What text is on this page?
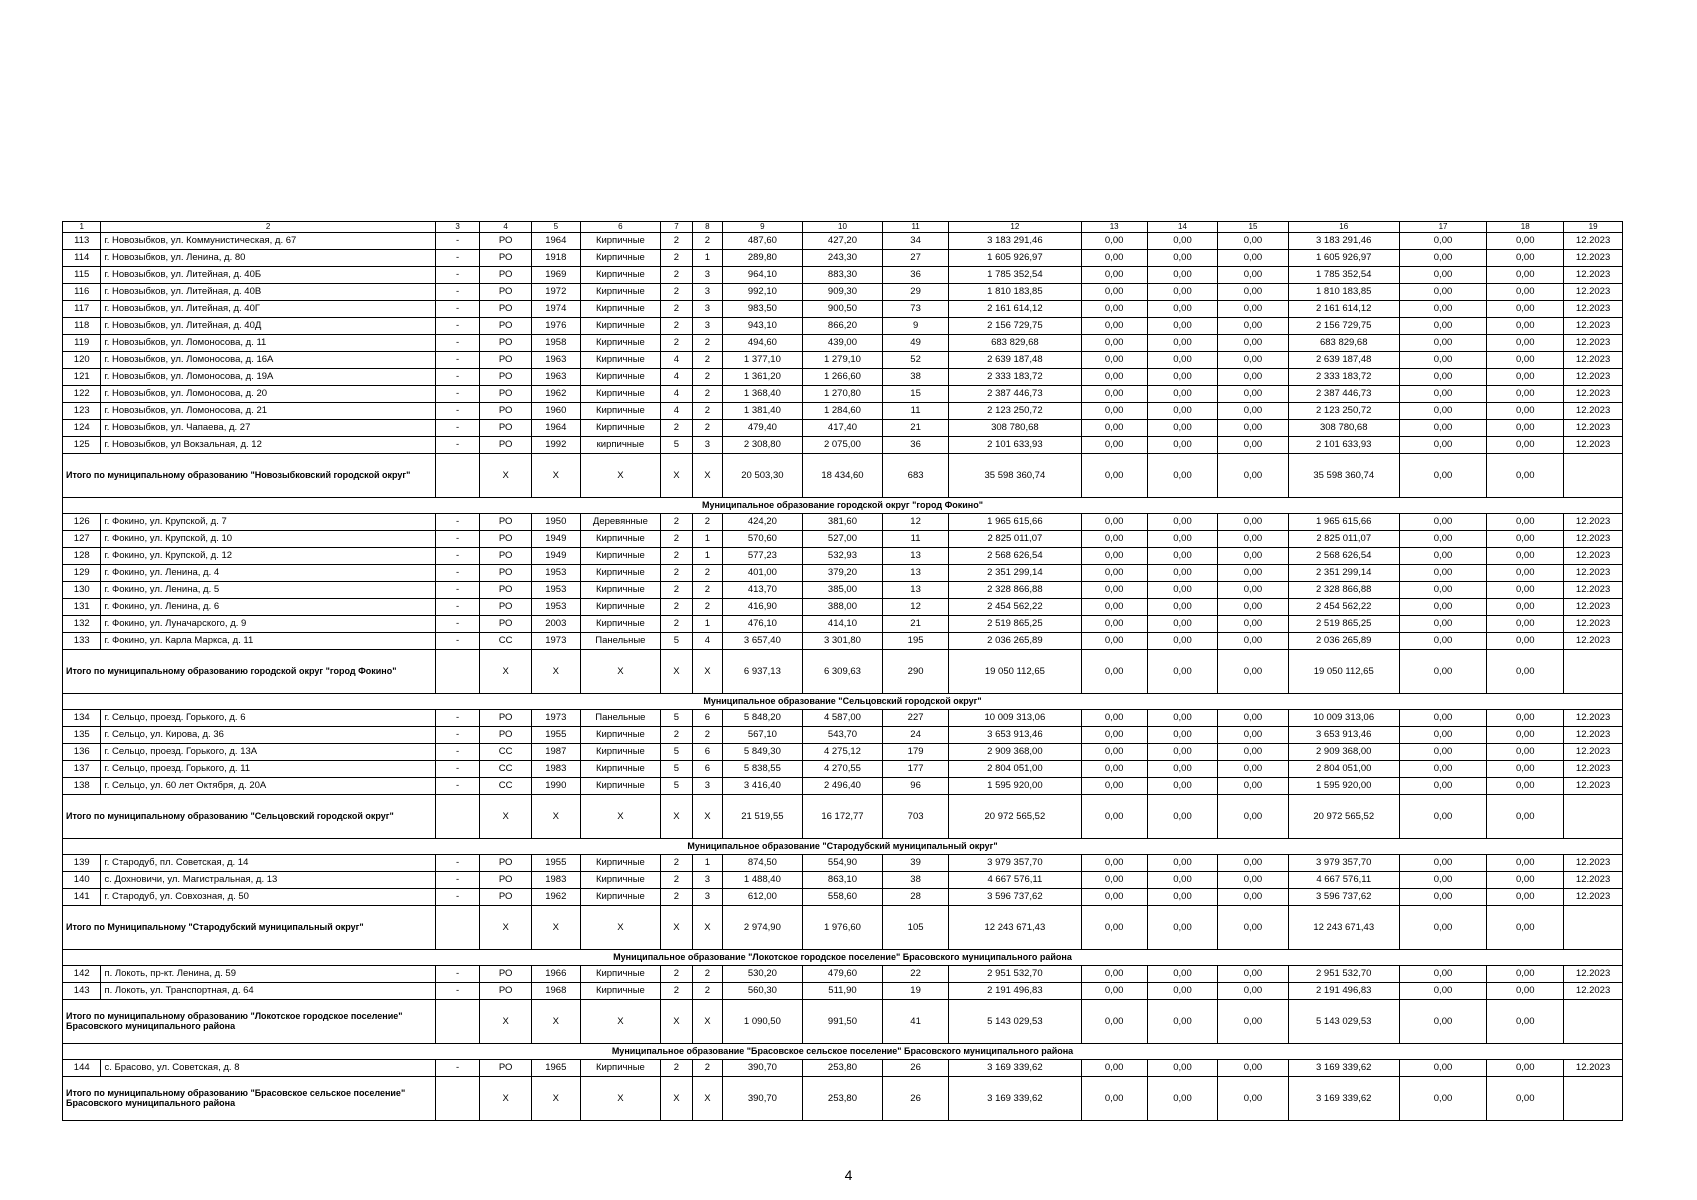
1	2	3	4	5	6	7	8	9	10	11	12	13	14	15	16	17	18	19
113	г. Новозыбков, ул. Коммунистическая, д. 67	-	РО	1964	Кирпичные	2	2	487,60	427,20	34	3 183 291,46	0,00	0,00	0,00	3 183 291,46	0,00	0,00	12.2023
114	г. Новозыбков, ул. Ленина, д. 80	-	РО	1918	Кирпичные	2	1	289,80	243,30	27	1 605 926,97	0,00	0,00	0,00	1 605 926,97	0,00	0,00	12.2023
115	г. Новозыбков, ул. Литейная, д. 40Б	-	РО	1969	Кирпичные	2	3	964,10	883,30	36	1 785 352,54	0,00	0,00	0,00	1 785 352,54	0,00	0,00	12.2023
116	г. Новозыбков, ул. Литейная, д. 40В	-	РО	1972	Кирпичные	2	3	992,10	909,30	29	1 810 183,85	0,00	0,00	0,00	1 810 183,85	0,00	0,00	12.2023
117	г. Новозыбков, ул. Литейная, д. 40Г	-	РО	1974	Кирпичные	2	3	983,50	900,50	73	2 161 614,12	0,00	0,00	0,00	2 161 614,12	0,00	0,00	12.2023
118	г. Новозыбков, ул. Литейная, д. 40Д	-	РО	1976	Кирпичные	2	3	943,10	866,20	9	2 156 729,75	0,00	0,00	0,00	2 156 729,75	0,00	0,00	12.2023
119	г. Новозыбков, ул. Ломоносова, д. 11	-	РО	1958	Кирпичные	2	2	494,60	439,00	49	683 829,68	0,00	0,00	0,00	683 829,68	0,00	0,00	12.2023
120	г. Новозыбков, ул. Ломоносова, д. 16А	-	РО	1963	Кирпичные	4	2	1 377,10	1 279,10	52	2 639 187,48	0,00	0,00	0,00	2 639 187,48	0,00	0,00	12.2023
121	г. Новозыбков, ул. Ломоносова, д. 19А	-	РО	1963	Кирпичные	4	2	1 361,20	1 266,60	38	2 333 183,72	0,00	0,00	0,00	2 333 183,72	0,00	0,00	12.2023
122	г. Новозыбков, ул. Ломоносова, д. 20	-	РО	1962	Кирпичные	4	2	1 368,40	1 270,80	15	2 387 446,73	0,00	0,00	0,00	2 387 446,73	0,00	0,00	12.2023
123	г. Новозыбков, ул. Ломоносова, д. 21	-	РО	1960	Кирпичные	4	2	1 381,40	1 284,60	11	2 123 250,72	0,00	0,00	0,00	2 123 250,72	0,00	0,00	12.2023
124	г. Новозыбков, ул. Чапаева, д. 27	-	РО	1964	Кирпичные	2	2	479,40	417,40	21	308 780,68	0,00	0,00	0,00	308 780,68	0,00	0,00	12.2023
125	г. Новозыбков, ул Вокзальная, д. 12	-	РО	1992	кирпичные	5	3	2 308,80	2 075,00	36	2 101 633,93	0,00	0,00	0,00	2 101 633,93	0,00	0,00	12.2023
Итого по муниципальному образованию "Новозыбковский городской округ"			Х	Х	Х	Х	Х	20 503,30	18 434,60	683	35 598 360,74	0,00	0,00	0,00	35 598 360,74	0,00	0,00	
Муниципальное образование городской округ "город Фокино"																		
126	г. Фокино, ул. Крупской, д. 7	-	РО	1950	Деревянные	2	2	424,20	381,60	12	1 965 615,66	0,00	0,00	0,00	1 965 615,66	0,00	0,00	12.2023
127	г. Фокино, ул. Крупской, д. 10	-	РО	1949	Кирпичные	2	1	570,60	527,00	11	2 825 011,07	0,00	0,00	0,00	2 825 011,07	0,00	0,00	12.2023
128	г. Фокино, ул. Крупской, д. 12	-	РО	1949	Кирпичные	2	1	577,23	532,93	13	2 568 626,54	0,00	0,00	0,00	2 568 626,54	0,00	0,00	12.2023
129	г. Фокино, ул. Ленина, д. 4	-	РО	1953	Кирпичные	2	2	401,00	379,20	13	2 351 299,14	0,00	0,00	0,00	2 351 299,14	0,00	0,00	12.2023
130	г. Фокино, ул. Ленина, д. 5	-	РО	1953	Кирпичные	2	2	413,70	385,00	13	2 328 866,88	0,00	0,00	0,00	2 328 866,88	0,00	0,00	12.2023
131	г. Фокино, ул. Ленина, д. 6	-	РО	1953	Кирпичные	2	2	416,90	388,00	12	2 454 562,22	0,00	0,00	0,00	2 454 562,22	0,00	0,00	12.2023
132	г. Фокино, ул. Луначарского, д. 9	-	РО	2003	Кирпичные	2	1	476,10	414,10	21	2 519 865,25	0,00	0,00	0,00	2 519 865,25	0,00	0,00	12.2023
133	г. Фокино, ул. Карла Маркса, д. 11	-	СС	1973	Панельные	5	4	3 657,40	3 301,80	195	2 036 265,89	0,00	0,00	0,00	2 036 265,89	0,00	0,00	12.2023
Итого по муниципальному образованию городской округ "город Фокино"			Х	Х	Х	Х	Х	6 937,13	6 309,63	290	19 050 112,65	0,00	0,00	0,00	19 050 112,65	0,00	0,00	
Муниципальное образование "Сельцовский городской округ"																		
134	г. Сельцо, проезд. Горького, д. 6	-	РО	1973	Панельные	5	6	5 848,20	4 587,00	227	10 009 313,06	0,00	0,00	0,00	10 009 313,06	0,00	0,00	12.2023
135	г. Сельцо, ул. Кирова, д. 36	-	РО	1955	Кирпичные	2	2	567,10	543,70	24	3 653 913,46	0,00	0,00	0,00	3 653 913,46	0,00	0,00	12.2023
136	г. Сельцо, проезд. Горького, д. 13А	-	СС	1987	Кирпичные	5	6	5 849,30	4 275,12	179	2 909 368,00	0,00	0,00	0,00	2 909 368,00	0,00	0,00	12.2023
137	г. Сельцо, проезд. Горького, д. 11	-	СС	1983	Кирпичные	5	6	5 838,55	4 270,55	177	2 804 051,00	0,00	0,00	0,00	2 804 051,00	0,00	0,00	12.2023
138	г. Сельцо, ул. 60 лет Октября, д. 20А	-	СС	1990	Кирпичные	5	3	3 416,40	2 496,40	96	1 595 920,00	0,00	0,00	0,00	1 595 920,00	0,00	0,00	12.2023
Итого по муниципальному образованию "Сельцовский городской округ"			Х	Х	Х	Х	Х	21 519,55	16 172,77	703	20 972 565,52	0,00	0,00	0,00	20 972 565,52	0,00	0,00	
Муниципальное образование "Стародубский муниципальный округ"																		
139	г. Стародуб, пл. Советская, д. 14	-	РО	1955	Кирпичные	2	1	874,50	554,90	39	3 979 357,70	0,00	0,00	0,00	3 979 357,70	0,00	0,00	12.2023
140	с. Дохновичи, ул. Магистральная, д. 13	-	РО	1983	Кирпичные	2	3	1 488,40	863,10	38	4 667 576,11	0,00	0,00	0,00	4 667 576,11	0,00	0,00	12.2023
141	г. Стародуб, ул. Совхозная, д. 50	-	РО	1962	Кирпичные	2	3	612,00	558,60	28	3 596 737,62	0,00	0,00	0,00	3 596 737,62	0,00	0,00	12.2023
Итого по Муниципальному "Стародубский муниципальный округ"			Х	Х	Х	Х	Х	2 974,90	1 976,60	105	12 243 671,43	0,00	0,00	0,00	12 243 671,43	0,00	0,00	
Муниципальное образование "Локотское городское поселение" Брасовского муниципального района																		
142	п. Локоть, пр-кт. Ленина, д. 59	-	РО	1966	Кирпичные	2	2	530,20	479,60	22	2 951 532,70	0,00	0,00	0,00	2 951 532,70	0,00	0,00	12.2023
143	п. Локоть, ул. Транспортная, д. 64	-	РО	1968	Кирпичные	2	2	560,30	511,90	19	2 191 496,83	0,00	0,00	0,00	2 191 496,83	0,00	0,00	12.2023
Итого по муниципальному образованию "Локотское городское поселение" Брасовского муниципального района			Х	Х	Х	Х	Х	1 090,50	991,50	41	5 143 029,53	0,00	0,00	0,00	5 143 029,53	0,00	0,00	
Муниципальное образование "Брасовское сельское поселение" Брасовского муниципального района																		
144	с. Брасово, ул. Советская, д. 8	-	РО	1965	Кирпичные	2	2	390,70	253,80	26	3 169 339,62	0,00	0,00	0,00	3 169 339,62	0,00	0,00	12.2023
Итого по муниципальному образованию "Брасовское сельское поселение" Брасовского муниципального района			Х	Х	Х	Х	Х	390,70	253,80	26	3 169 339,62	0,00	0,00	0,00	3 169 339,62	0,00	0,00	
4
